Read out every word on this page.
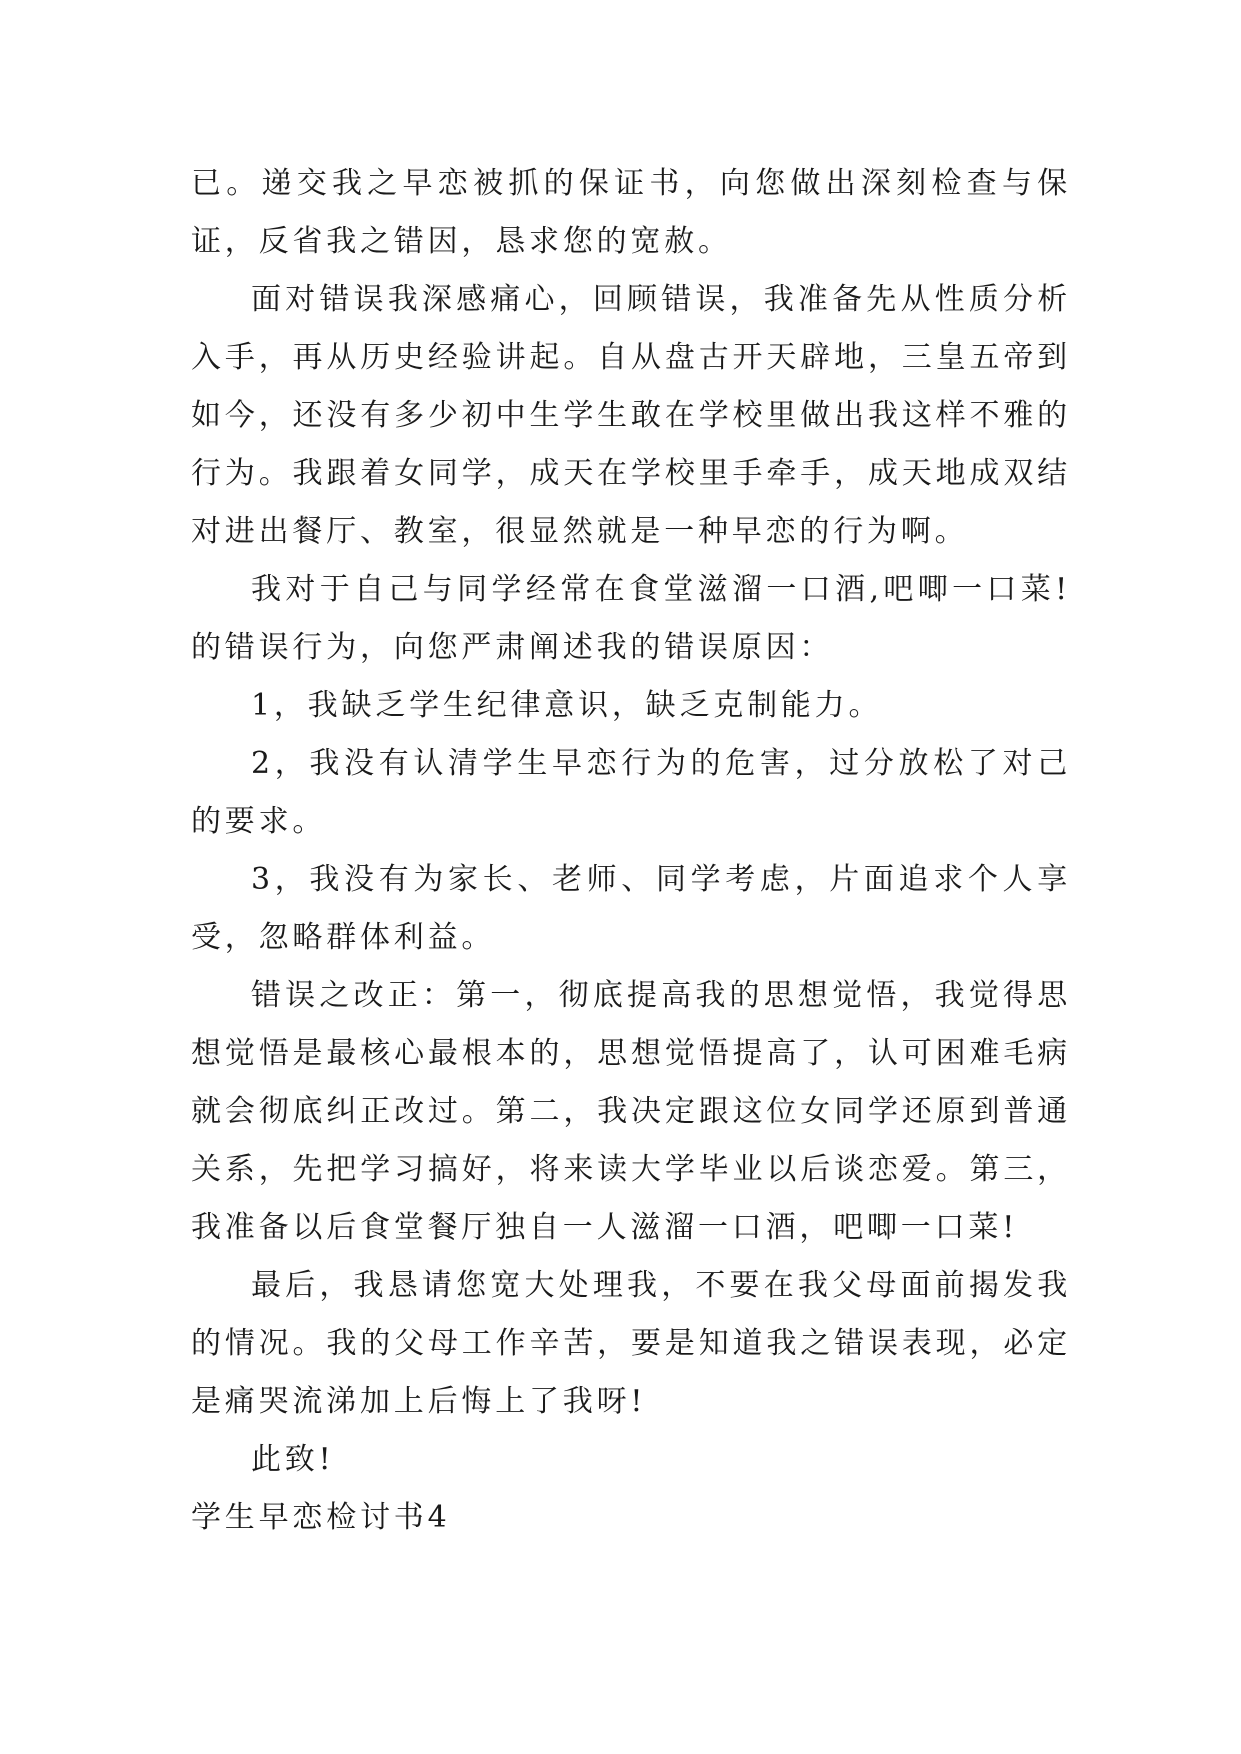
已。递交我之早恋被抓的保证书，向您做出深刻检查与保证，反省我之错因，恳求您的宽赦。

面对错误我深感痛心，回顾错误，我准备先从性质分析入手，再从历史经验讲起。自从盘古开天辟地，三皇五帝到如今，还没有多少初中生学生敢在学校里做出我这样不雅的行为。我跟着女同学，成天在学校里手牵手，成天地成双结对进出餐厅、教室，很显然就是一种早恋的行为啊。

我对于自己与同学经常在食堂滋溜一口酒,吧唧一口菜!的错误行为，向您严肃阐述我的错误原因：

1，我缺乏学生纪律意识，缺乏克制能力。

2，我没有认清学生早恋行为的危害，过分放松了对己的要求。

3，我没有为家长、老师、同学考虑，片面追求个人享受，忽略群体利益。

错误之改正：第一，彻底提高我的思想觉悟，我觉得思想觉悟是最核心最根本的，思想觉悟提高了，认可困难毛病就会彻底纠正改过。第二，我决定跟这位女同学还原到普通关系，先把学习搞好，将来读大学毕业以后谈恋爱。第三，我准备以后食堂餐厅独自一人滋溜一口酒，吧唧一口菜!

最后，我恳请您宽大处理我，不要在我父母面前揭发我的情况。我的父母工作辛苦，要是知道我之错误表现，必定是痛哭流涕加上后悔上了我呀!

此致!

学生早恋检讨书4
